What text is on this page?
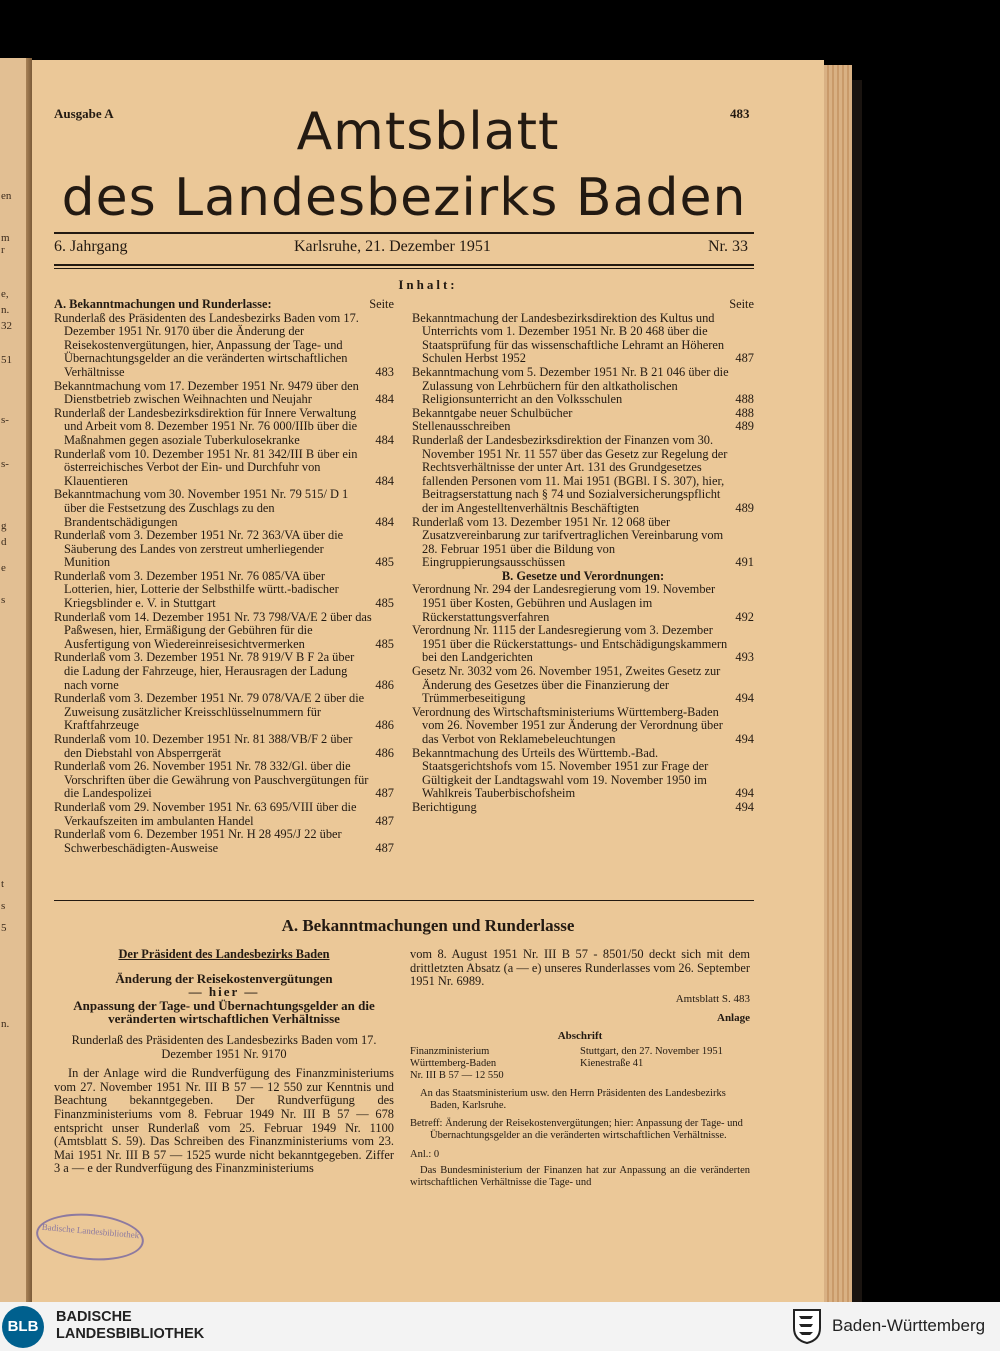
en
m
r
e,
n.
32
51
s-
s-
g
d
e
s
t
s
5
n.
Ausgabe A	483
Amtsblatt
des Landesbezirks Baden
6. Jahrgang	Karlsruhe, 21. Dezember 1951	Nr. 33
Inhalt:
A. Bekanntmachungen und Runderlasse:	Seite
Runderlaß des Präsidenten des Landesbezirks Baden vom 17. Dezember 1951 Nr. 9170 über die Änderung der Reisekostenvergütungen, hier, Anpassung der Tage- und Übernachtungsgelder an die veränderten wirtschaftlichen Verhältnisse	483
Bekanntmachung vom 17. Dezember 1951 Nr. 9479 über den Dienstbetrieb zwischen Weihnachten und Neujahr	484
Runderlaß der Landesbezirksdirektion für Innere Verwaltung und Arbeit vom 8. Dezember 1951 Nr. 76 000/IIIb über die Maßnahmen gegen asoziale Tuberkulosekranke	484
Runderlaß vom 10. Dezember 1951 Nr. 81 342/III B über ein österreichisches Verbot der Ein- und Durchfuhr von Klauentieren	484
Bekanntmachung vom 30. November 1951 Nr. 79 515/ D 1 über die Festsetzung des Zuschlags zu den Brandentschädigungen	484
Runderlaß vom 3. Dezember 1951 Nr. 72 363/VA über die Säuberung des Landes von zerstreut umherliegender Munition	485
Runderlaß vom 3. Dezember 1951 Nr. 76 085/VA über Lotterien, hier, Lotterie der Selbsthilfe württ.-badischer Kriegsblinder e. V. in Stuttgart	485
Runderlaß vom 14. Dezember 1951 Nr. 73 798/VA/E 2 über das Paßwesen, hier, Ermäßigung der Gebühren für die Ausfertigung von Wiedereinreisesichtvermerken	485
Runderlaß vom 3. Dezember 1951 Nr. 78 919/V B F 2a über die Ladung der Fahrzeuge, hier, Herausragen der Ladung nach vorne	486
Runderlaß vom 3. Dezember 1951 Nr. 79 078/VA/E 2 über die Zuweisung zusätzlicher Kreisschlüsselnummern für Kraftfahrzeuge	486
Runderlaß vom 10. Dezember 1951 Nr. 81 388/VB/F 2 über den Diebstahl von Absperrgerät	486
Runderlaß vom 26. November 1951 Nr. 78 332/Gl. über die Vorschriften über die Gewährung von Pauschvergütungen für die Landespolizei	487
Runderlaß vom 29. November 1951 Nr. 63 695/VIII über die Verkaufszeiten im ambulanten Handel	487
Runderlaß vom 6. Dezember 1951 Nr. H 28 495/J 22 über Schwerbeschädigten-Ausweise	487
Seite
Bekanntmachung der Landesbezirksdirektion des Kultus und Unterrichts vom 1. Dezember 1951 Nr. B 20 468 über die Staatsprüfung für das wissenschaftliche Lehramt an Höheren Schulen Herbst 1952	487
Bekanntmachung vom 5. Dezember 1951 Nr. B 21 046 über die Zulassung von Lehrbüchern für den altkatholischen Religionsunterricht an den Volksschulen	488
Bekanntgabe neuer Schulbücher	488
Stellenausschreiben	489
Runderlaß der Landesbezirksdirektion der Finanzen vom 30. November 1951 Nr. 11 557 über das Gesetz zur Regelung der Rechtsverhältnisse der unter Art. 131 des Grundgesetzes fallenden Personen vom 11. Mai 1951 (BGBl. I S. 307), hier, Beitragserstattung nach § 74 und Sozialversicherungspflicht der im Angestelltenverhältnis Beschäftigten	489
Runderlaß vom 13. Dezember 1951 Nr. 12 068 über Zusatzvereinbarung zur tarifvertraglichen Vereinbarung vom 28. Februar 1951 über die Bildung von Eingruppierungsausschüssen	491
B. Gesetze und Verordnungen:
Verordnung Nr. 294 der Landesregierung vom 19. November 1951 über Kosten, Gebühren und Auslagen im Rückerstattungsverfahren	492
Verordnung Nr. 1115 der Landesregierung vom 3. Dezember 1951 über die Rückerstattungs- und Entschädigungskammern bei den Landgerichten	493
Gesetz Nr. 3032 vom 26. November 1951, Zweites Gesetz zur Änderung des Gesetzes über die Finanzierung der Trümmerbeseitigung	494
Verordnung des Wirtschaftsministeriums Württemberg-Baden vom 26. November 1951 zur Änderung der Verordnung über das Verbot von Reklamebeleuchtungen	494
Bekanntmachung des Urteils des Württemb.-Bad. Staatsgerichtshofs vom 15. November 1951 zur Frage der Gültigkeit der Landtagswahl vom 19. November 1950 im Wahlkreis Tauberbischofsheim	494
Berichtigung	494
A. Bekanntmachungen und Runderlasse
Der Präsident des Landesbezirks Baden
Änderung der Reisekostenvergütungen
— hier —
Anpassung der Tage- und Übernachtungsgelder an die veränderten wirtschaftlichen Verhältnisse
Runderlaß des Präsidenten des Landesbezirks Baden vom 17. Dezember 1951 Nr. 9170
In der Anlage wird die Rundverfügung des Finanzministeriums vom 27. November 1951 Nr. III B 57 — 12 550 zur Kenntnis und Beachtung bekanntgegeben. Der Rundverfügung des Finanzministeriums vom 8. Februar 1949 Nr. III B 57 — 678 entspricht unser Runderlaß vom 25. Februar 1949 Nr. 1100 (Amtsblatt S. 59). Das Schreiben des Finanzministeriums vom 23. Mai 1951 Nr. III B 57 — 1525 wurde nicht bekanntgegeben. Ziffer 3 a — e der Rundverfügung des Finanzministeriums
vom 8. August 1951 Nr. III B 57 - 8501/50 deckt sich mit dem drittletzten Absatz (a — e) unseres Runderlasses vom 26. September 1951 Nr. 6989.
Amtsblatt S. 483
Anlage
Abschrift
Finanzministerium
Württemberg-Baden
Nr. III B 57 — 12 550
Stuttgart, den 27. November 1951
Kienestraße 41
An das Staatsministerium usw. den Herrn Präsidenten des Landesbezirks Baden, Karlsruhe.
Betreff: Änderung der Reisekostenvergütungen; hier: Anpassung der Tage- und Übernachtungsgelder an die veränderten wirtschaftlichen Verhältnisse.
Anl.: 0
Das Bundesministerium der Finanzen hat zur Anpassung an die veränderten wirtschaftlichen Verhältnisse die Tage- und
Badische Landesbibliothek
BLB
BADISCHE
LANDESBIBLIOTHEK	Baden-Württemberg
